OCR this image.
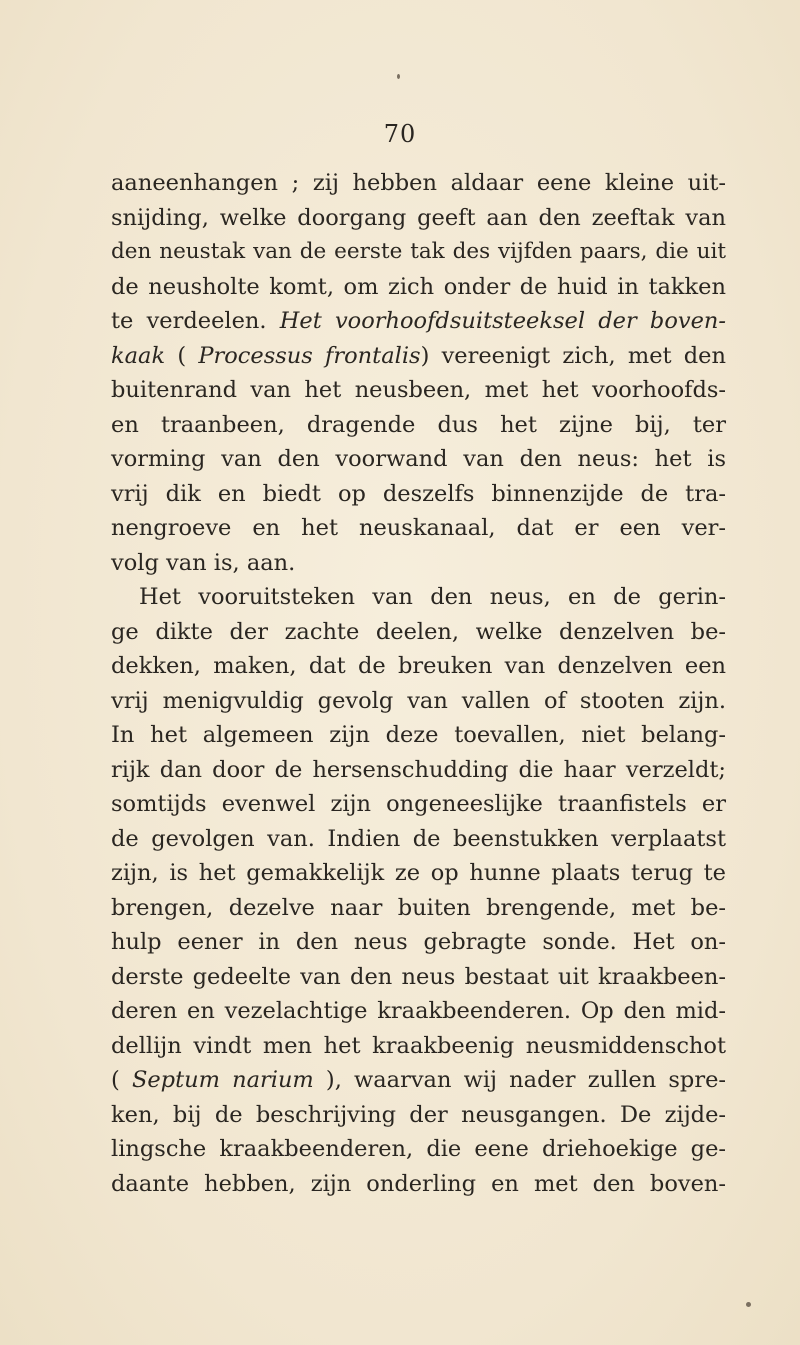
70
aaneenhangen ; zij hebben aldaar eene kleine uit-
snijding, welke doorgang geeft aan den zeeftak van
den neustak van de eerste tak des vijfden paars, die uit
de neusholte komt, om zich onder de huid in takken
te verdeelen. Het voorhoofdsuitsteeksel der boven-
kaak ( Processus frontalis) vereenigt zich, met den
buitenrand van het neusbeen, met het voorhoofds-
en traanbeen, dragende dus het zijne bij, ter
vorming van den voorwand van den neus: het is
vrij dik en biedt op deszelfs binnenzijde de tra-
nengroeve en het neuskanaal, dat er een ver-
volg van is, aan.
Het vooruitsteken van den neus, en de gerin-
ge dikte der zachte deelen, welke denzelven be-
dekken, maken, dat de breuken van denzelven een
vrij menigvuldig gevolg van vallen of stooten zijn.
In het algemeen zijn deze toevallen, niet belang-
rijk dan door de hersenschudding die haar verzeldt;
somtijds evenwel zijn ongeneeslijke traanfistels er
de gevolgen van. Indien de beenstukken verplaatst
zijn, is het gemakkelijk ze op hunne plaats terug te
brengen, dezelve naar buiten brengende, met be-
hulp eener in den neus gebragte sonde. Het on-
derste gedeelte van den neus bestaat uit kraakbeen-
deren en vezelachtige kraakbeenderen. Op den mid-
dellijn vindt men het kraakbeenig neusmiddenschot
( Septum narium ), waarvan wij nader zullen spre-
ken, bij de beschrijving der neusgangen. De zijde-
lingsche kraakbeenderen, die eene driehoekige ge-
daante hebben, zijn onderling en met den boven-
